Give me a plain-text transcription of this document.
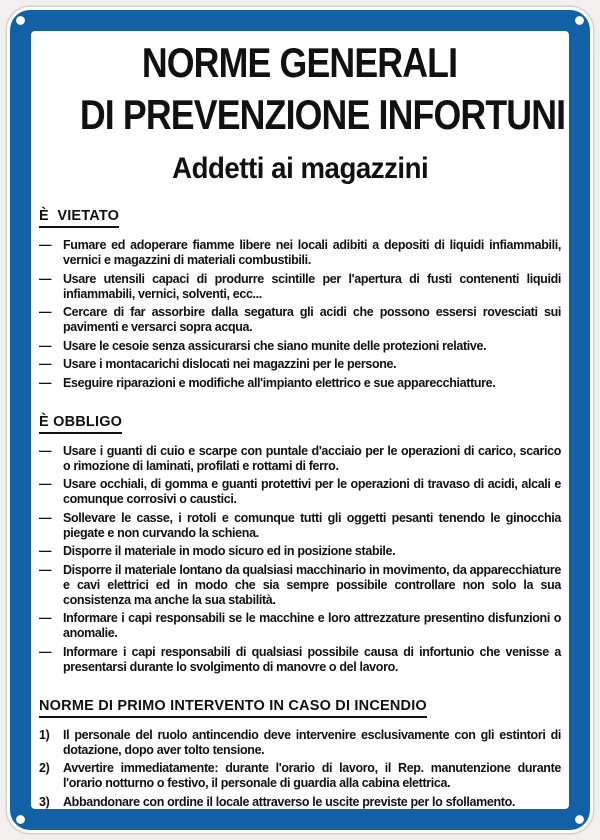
NORME GENERALI
DI PREVENZIONE INFORTUNI
Addetti ai magazzini
È  VIETATO
— Fumare ed adoperare fiamme libere nei locali adibiti a depositi di liquidi infiammabili, vernici e magazzini di materiali combustibili.
— Usare utensili capaci di produrre scintille per l'apertura di fusti contenenti liquidi infiammabili, vernici, solventi, ecc...
— Cercare di far assorbire dalla segatura gli acidi che possono essersi rovesciati sui pavimenti e versarci sopra acqua.
— Usare le cesoie senza assicurarsi che siano munite delle protezioni relative.
— Usare i montacarichi dislocati nei magazzini per le persone.
— Eseguire riparazioni e modifiche all'impianto elettrico e sue apparecchiatture.
È OBBLIGO
— Usare i guanti di cuio e scarpe con puntale d'acciaio per le operazioni di carico, scarico o rimozione di laminati, profilati e rottami di ferro.
— Usare occhiali, di gomma e guanti protettivi per le operazioni di travaso di acidi, alcali e comunque corrosivi o caustici.
— Sollevare le casse, i rotoli e comunque tutti gli oggetti pesanti tenendo le ginocchia piegate e non curvando la schiena.
— Disporre il materiale in modo sicuro ed in posizione stabile.
— Disporre il materiale lontano da qualsiasi macchinario in movimento, da apparecchiature e cavi elettrici ed in modo che sia sempre possibile controllare non solo la sua consistenza ma anche la sua stabilità.
— Informare i capi responsabili se le macchine e loro attrezzature presentino disfunzioni o anomalie.
— Informare i capi responsabili di qualsiasi possibile causa di infortunio che venisse a presentarsi durante lo svolgimento di manovre o del lavoro.
NORME DI PRIMO INTERVENTO IN CASO DI INCENDIO
1)	Il personale del ruolo antincendio deve intervenire esclusivamente con gli estintori di dotazione, dopo aver tolto tensione.
2)	Avvertire immediatamente: durante l'orario di lavoro, il Rep. manutenzione durante l'orario notturno o festivo, il personale di guardia alla cabina elettrica.
3)	Abbandonare con ordine il locale attraverso le uscite previste per lo sfollamento.
